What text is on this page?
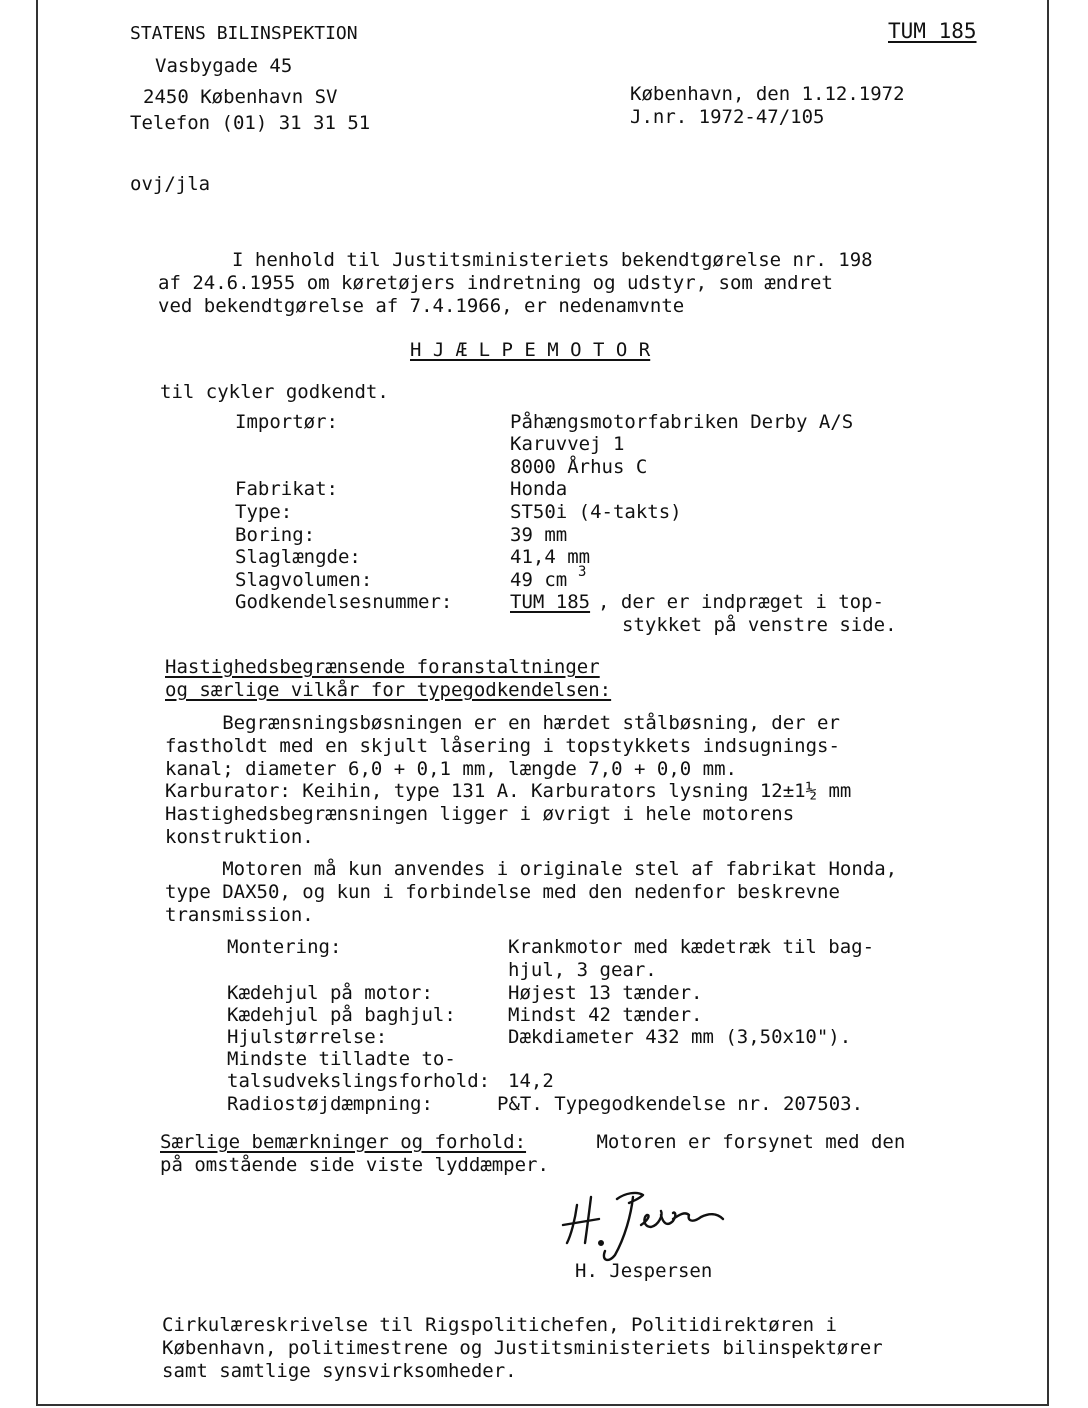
STATENS BILINSPEKTION
Vasbygade 45
2450 København SV
Telefon (01) 31 31 51
TUM 185
København, den 1.12.1972
J.nr. 1972-47/105
ovj/jla
I henhold til Justitsministeriets bekendtgørelse nr. 198
af 24.6.1955 om køretøjers indretning og udstyr, som ændret
ved bekendtgørelse af 7.4.1966, er nedenamvnte
H J Æ L P E M O T O R
til cykler godkendt.
Importør:	Påhængsmotorfabriken Derby A/S
Karuvvej 1
8000 Århus C
Fabrikat:	Honda
Type:	ST50i (4-takts)
Boring:	39 mm
Slaglængde:	41,4 mm
Slagvolumen:	49 cm 3
Godkendelsesnummer:	TUM 185 , der er indpræget i top-
stykket på venstre side.
Hastighedsbegrænsende foranstaltninger
og særlige vilkår for typegodkendelsen:
Begrænsningsbøsningen er en hærdet stålbøsning, der er
fastholdt med en skjult låsering i topstykkets indsugnings-
kanal; diameter 6,0 + 0,1 mm, længde 7,0 + 0,0 mm.
Karburator: Keihin, type 131 A. Karburators lysning 12±1½ mm
Hastighedsbegrænsningen ligger i øvrigt i hele motorens
konstruktion.
Motoren må kun anvendes i originale stel af fabrikat Honda,
type DAX50, og kun i forbindelse med den nedenfor beskrevne
transmission.
Montering:	Krankmotor med kædetræk til bag-
hjul, 3 gear.
Kædehjul på motor:	Højest 13 tænder.
Kædehjul på baghjul:	Mindst 42 tænder.
Hjulstørrelse:	Dækdiameter 432 mm (3,50x10").
Mindste tilladte to-
talsudvekslingsforhold: 14,2
Radiostøjdæmpning:	P&T. Typegodkendelse nr. 207503.
Særlige bemærkninger og forhold:	Motoren er forsynet med den
på omstående side viste lyddæmper.
H. Jespersen
Cirkulæreskrivelse til Rigspolitichefen, Politidirektøren i
København, politimestrene og Justitsministeriets bilinspektører
samt samtlige synsvirksomheder.
